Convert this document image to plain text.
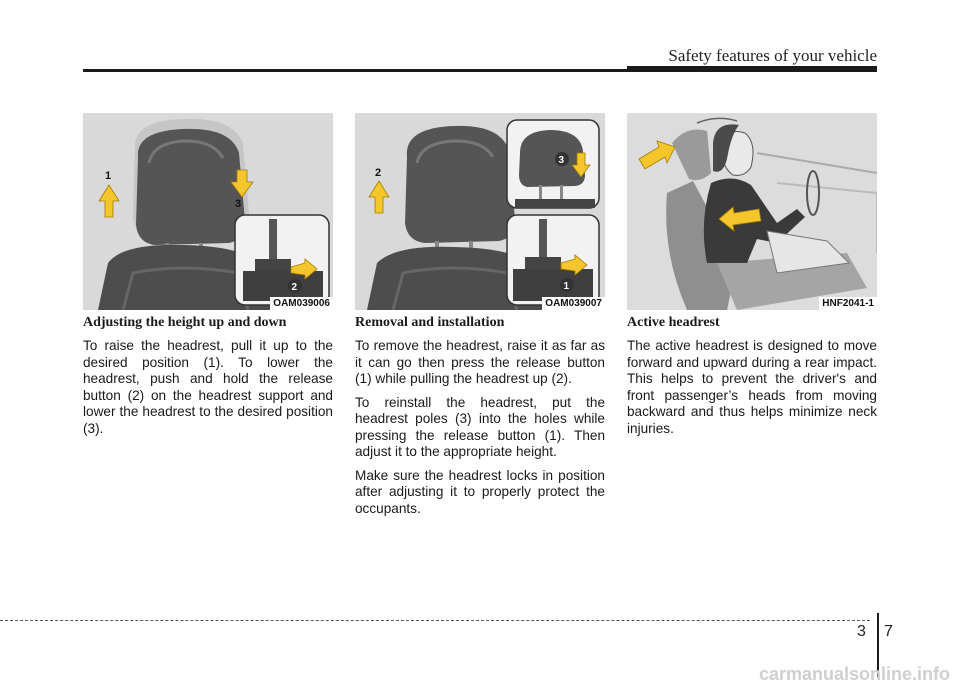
Safety features of your vehicle
1
3
2
OAM039006
2
3
1
OAM039007	HNF2041-1
Adjusting the height up and down

To raise the headrest, pull it up to the desired position (1). To lower the headrest, push and hold the release button (2) on the headrest support and lower the headrest to the desired position (3).

Removal and installation

To remove the headrest, raise it as far as it can go then press the release button (1) while pulling the headrest up (2).

To reinstall the headrest, put the headrest poles (3) into the holes while pressing the release button (1). Then adjust it to the appropriate height.

Make sure the headrest locks in position after adjusting it to properly protect the occupants.

Active headrest

The active headrest is designed to move forward and upward during a rear impact. This helps to prevent the driver's and front passenger’s heads from moving backward and thus helps minimize neck injuries.

3 7
carmanualsonline.info
